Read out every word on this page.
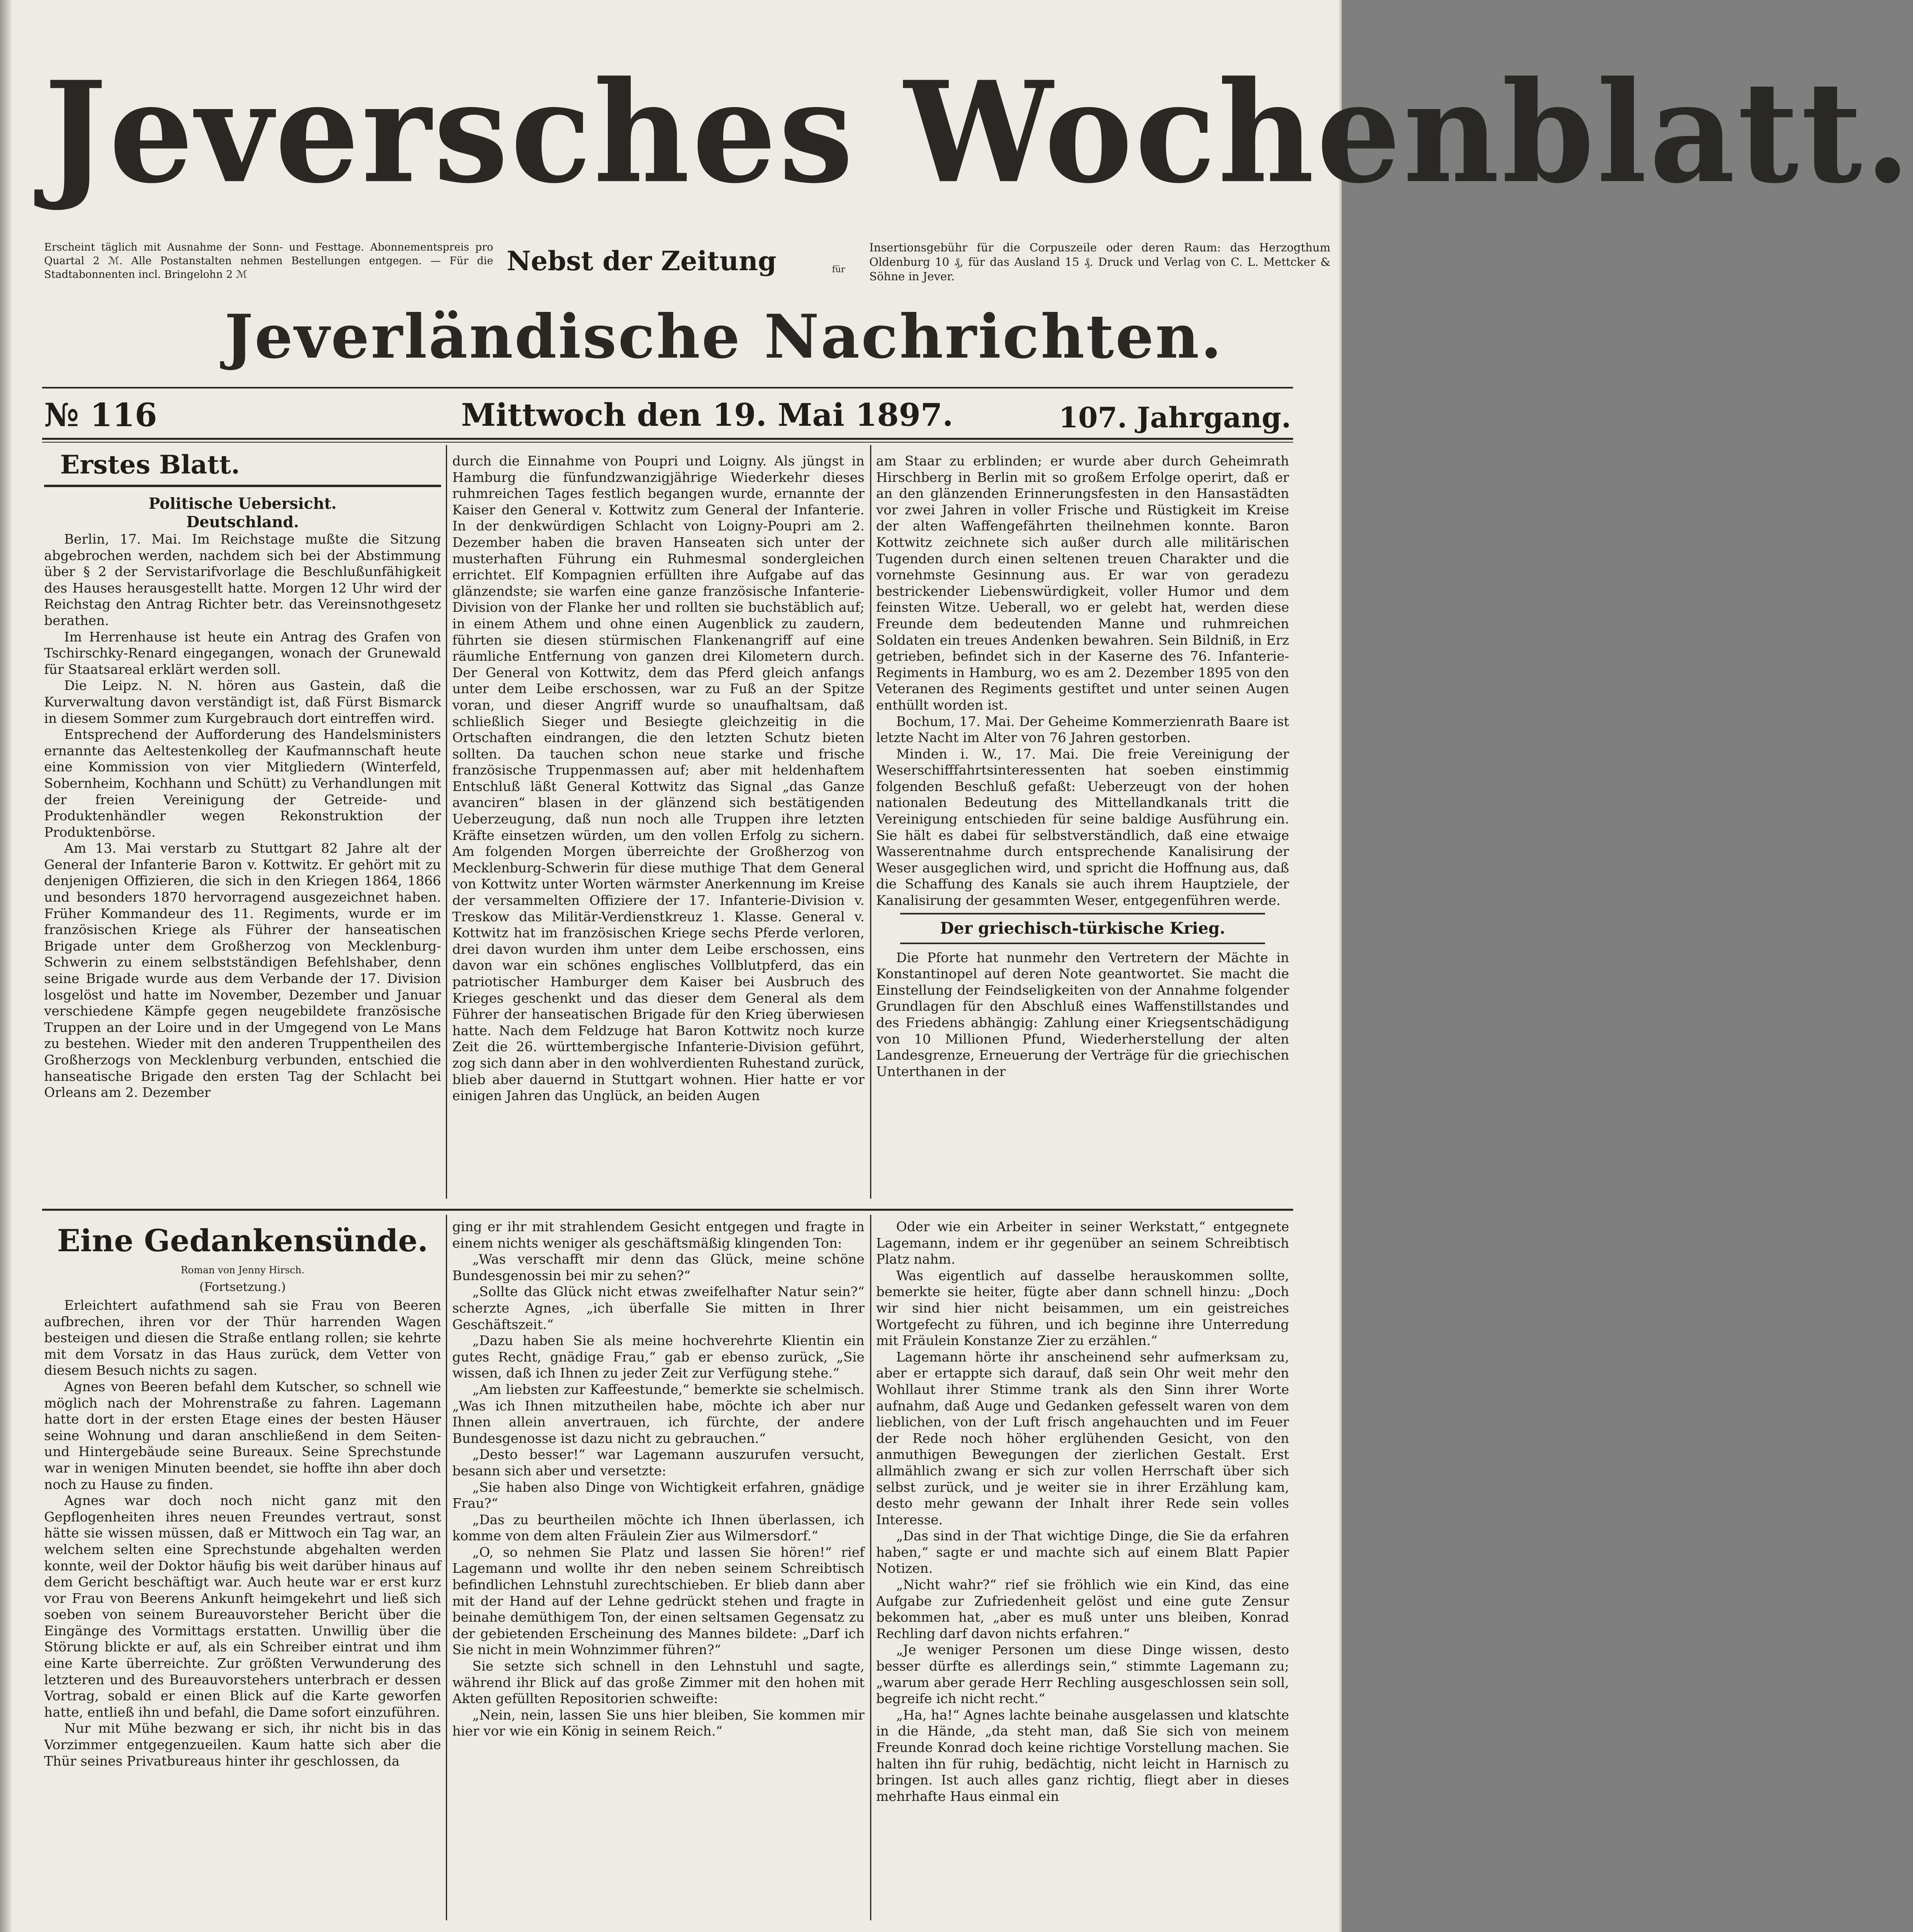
Jeversches Wochenblatt.
Erscheint täglich mit Ausnahme der Sonn- und Festtage. Abonnementspreis pro Quartal 2 ℳ. Alle Postanstalten nehmen Bestellungen entgegen. — Für die Stadtabonnenten incl. Bringelohn 2 ℳ	Nebst der Zeitung	für
Insertionsgebühr für die Corpuszeile oder deren Raum: das Herzogthum Oldenburg 10 ₰, für das Ausland 15 ₰. Druck und Verlag von C. L. Mettcker & Söhne in Jever.
Jeverländische Nachrichten.
№ 116	Mittwoch den 19. Mai 1897.	107. Jahrgang.
Erstes Blatt.

Politische Uebersicht.

Deutschland.

Berlin, 17. Mai. Im Reichstage mußte die Sitzung abgebrochen werden, nachdem sich bei der Abstimmung über § 2 der Servistarifvorlage die Beschlußunfähigkeit des Hauses herausgestellt hatte. Morgen 12 Uhr wird der Reichstag den Antrag Richter betr. das Vereinsnothgesetz berathen.

Im Herrenhause ist heute ein Antrag des Grafen von Tschirschky-Renard eingegangen, wonach der Grunewald für Staatsareal erklärt werden soll.

Die Leipz. N. N. hören aus Gastein, daß die Kurverwaltung davon verständigt ist, daß Fürst Bismarck in diesem Sommer zum Kurgebrauch dort eintreffen wird.

Entsprechend der Aufforderung des Handelsministers ernannte das Aeltestenkolleg der Kaufmannschaft heute eine Kommission von vier Mitgliedern (Winterfeld, Sobernheim, Kochhann und Schütt) zu Verhandlungen mit der freien Vereinigung der Getreide- und Produktenhändler wegen Rekonstruktion der Produktenbörse.

Am 13. Mai verstarb zu Stuttgart 82 Jahre alt der General der Infanterie Baron v. Kottwitz. Er gehört mit zu denjenigen Offizieren, die sich in den Kriegen 1864, 1866 und besonders 1870 hervorragend ausgezeichnet haben. Früher Kommandeur des 11. Regiments, wurde er im französischen Kriege als Führer der hanseatischen Brigade unter dem Großherzog von Mecklenburg-Schwerin zu einem selbstständigen Befehlshaber, denn seine Brigade wurde aus dem Verbande der 17. Division losgelöst und hatte im November, Dezember und Januar verschiedene Kämpfe gegen neugebildete französische Truppen an der Loire und in der Umgegend von Le Mans zu bestehen. Wieder mit den anderen Truppentheilen des Großherzogs von Mecklenburg verbunden, entschied die hanseatische Brigade den ersten Tag der Schlacht bei Orleans am 2. Dezember

durch die Einnahme von Poupri und Loigny. Als jüngst in Hamburg die fünfundzwanzigjährige Wiederkehr dieses ruhmreichen Tages festlich begangen wurde, ernannte der Kaiser den General v. Kottwitz zum General der Infanterie. In der denkwürdigen Schlacht von Loigny-Poupri am 2. Dezember haben die braven Hanseaten sich unter der musterhaften Führung ein Ruhmesmal sondergleichen errichtet. Elf Kompagnien erfüllten ihre Aufgabe auf das glänzendste; sie warfen eine ganze französische Infanterie-Division von der Flanke her und rollten sie buchstäblich auf; in einem Athem und ohne einen Augenblick zu zaudern, führten sie diesen stürmischen Flankenangriff auf eine räumliche Entfernung von ganzen drei Kilometern durch. Der General von Kottwitz, dem das Pferd gleich anfangs unter dem Leibe erschossen, war zu Fuß an der Spitze voran, und dieser Angriff wurde so unaufhaltsam, daß schließlich Sieger und Besiegte gleichzeitig in die Ortschaften eindrangen, die den letzten Schutz bieten sollten. Da tauchen schon neue starke und frische französische Truppenmassen auf; aber mit heldenhaftem Entschluß läßt General Kottwitz das Signal „das Ganze avanciren“ blasen in der glänzend sich bestätigenden Ueberzeugung, daß nun noch alle Truppen ihre letzten Kräfte einsetzen würden, um den vollen Erfolg zu sichern. Am folgenden Morgen überreichte der Großherzog von Mecklenburg-Schwerin für diese muthige That dem General von Kottwitz unter Worten wärmster Anerkennung im Kreise der versammelten Offiziere der 17. Infanterie-Division v. Treskow das Militär-Verdienstkreuz 1. Klasse. General v. Kottwitz hat im französischen Kriege sechs Pferde verloren, drei davon wurden ihm unter dem Leibe erschossen, eins davon war ein schönes englisches Vollblutpferd, das ein patriotischer Hamburger dem Kaiser bei Ausbruch des Krieges geschenkt und das dieser dem General als dem Führer der hanseatischen Brigade für den Krieg überwiesen hatte. Nach dem Feldzuge hat Baron Kottwitz noch kurze Zeit die 26. württembergische Infanterie-Division geführt, zog sich dann aber in den wohlverdienten Ruhestand zurück, blieb aber dauernd in Stuttgart wohnen. Hier hatte er vor einigen Jahren das Unglück, an beiden Augen

am Staar zu erblinden; er wurde aber durch Geheimrath Hirschberg in Berlin mit so großem Erfolge operirt, daß er an den glänzenden Erinnerungsfesten in den Hansastädten vor zwei Jahren in voller Frische und Rüstigkeit im Kreise der alten Waffengefährten theilnehmen konnte. Baron Kottwitz zeichnete sich außer durch alle militärischen Tugenden durch einen seltenen treuen Charakter und die vornehmste Gesinnung aus. Er war von geradezu bestrickender Liebenswürdigkeit, voller Humor und dem feinsten Witze. Ueberall, wo er gelebt hat, werden diese Freunde dem bedeutenden Manne und ruhmreichen Soldaten ein treues Andenken bewahren. Sein Bildniß, in Erz getrieben, befindet sich in der Kaserne des 76. Infanterie-Regiments in Hamburg, wo es am 2. Dezember 1895 von den Veteranen des Regiments gestiftet und unter seinen Augen enthüllt worden ist.

Bochum, 17. Mai. Der Geheime Kommerzienrath Baare ist letzte Nacht im Alter von 76 Jahren gestorben.

Minden i. W., 17. Mai. Die freie Vereinigung der Weserschifffahrtsinteressenten hat soeben einstimmig folgenden Beschluß gefaßt: Ueberzeugt von der hohen nationalen Bedeutung des Mittellandkanals tritt die Vereinigung entschieden für seine baldige Ausführung ein. Sie hält es dabei für selbstverständlich, daß eine etwaige Wasserentnahme durch entsprechende Kanalisirung der Weser ausgeglichen wird, und spricht die Hoffnung aus, daß die Schaffung des Kanals sie auch ihrem Hauptziele, der Kanalisirung der gesammten Weser, entgegenführen werde.

Der griechisch-türkische Krieg.

Die Pforte hat nunmehr den Vertretern der Mächte in Konstantinopel auf deren Note geantwortet. Sie macht die Einstellung der Feindseligkeiten von der Annahme folgender Grundlagen für den Abschluß eines Waffenstillstandes und des Friedens abhängig: Zahlung einer Kriegsentschädigung von 10 Millionen Pfund, Wiederherstellung der alten Landesgrenze, Erneuerung der Verträge für die griechischen Unterthanen in der

Eine Gedankensünde.

Roman von Jenny Hirsch.

(Fortsetzung.)

Erleichtert aufathmend sah sie Frau von Beeren aufbrechen, ihren vor der Thür harrenden Wagen besteigen und diesen die Straße entlang rollen; sie kehrte mit dem Vorsatz in das Haus zurück, dem Vetter von diesem Besuch nichts zu sagen.

Agnes von Beeren befahl dem Kutscher, so schnell wie möglich nach der Mohrenstraße zu fahren. Lagemann hatte dort in der ersten Etage eines der besten Häuser seine Wohnung und daran anschließend in dem Seiten- und Hintergebäude seine Bureaux. Seine Sprechstunde war in wenigen Minuten beendet, sie hoffte ihn aber doch noch zu Hause zu finden.

Agnes war doch noch nicht ganz mit den Gepflogenheiten ihres neuen Freundes vertraut, sonst hätte sie wissen müssen, daß er Mittwoch ein Tag war, an welchem selten eine Sprechstunde abgehalten werden konnte, weil der Doktor häufig bis weit darüber hinaus auf dem Gericht beschäftigt war. Auch heute war er erst kurz vor Frau von Beerens Ankunft heimgekehrt und ließ sich soeben von seinem Bureauvorsteher Bericht über die Eingänge des Vormittags erstatten. Unwillig über die Störung blickte er auf, als ein Schreiber eintrat und ihm eine Karte überreichte. Zur größten Verwunderung des letzteren und des Bureauvorstehers unterbrach er dessen Vortrag, sobald er einen Blick auf die Karte geworfen hatte, entließ ihn und befahl, die Dame sofort einzuführen.

Nur mit Mühe bezwang er sich, ihr nicht bis in das Vorzimmer entgegenzueilen. Kaum hatte sich aber die Thür seines Privatbureaus hinter ihr geschlossen, da

ging er ihr mit strahlendem Gesicht entgegen und fragte in einem nichts weniger als geschäftsmäßig klingenden Ton:

„Was verschafft mir denn das Glück, meine schöne Bundesgenossin bei mir zu sehen?“

„Sollte das Glück nicht etwas zweifelhafter Natur sein?“ scherzte Agnes, „ich überfalle Sie mitten in Ihrer Geschäftszeit.“

„Dazu haben Sie als meine hochverehrte Klientin ein gutes Recht, gnädige Frau,“ gab er ebenso zurück, „Sie wissen, daß ich Ihnen zu jeder Zeit zur Verfügung stehe.“

„Am liebsten zur Kaffeestunde,“ bemerkte sie schelmisch. „Was ich Ihnen mitzutheilen habe, möchte ich aber nur Ihnen allein anvertrauen, ich fürchte, der andere Bundesgenosse ist dazu nicht zu gebrauchen.“

„Desto besser!“ war Lagemann auszurufen versucht, besann sich aber und versetzte:

„Sie haben also Dinge von Wichtigkeit erfahren, gnädige Frau?“

„Das zu beurtheilen möchte ich Ihnen überlassen, ich komme von dem alten Fräulein Zier aus Wilmersdorf.“

„O, so nehmen Sie Platz und lassen Sie hören!“ rief Lagemann und wollte ihr den neben seinem Schreibtisch befindlichen Lehnstuhl zurechtschieben. Er blieb dann aber mit der Hand auf der Lehne gedrückt stehen und fragte in beinahe demüthigem Ton, der einen seltsamen Gegensatz zu der gebietenden Erscheinung des Mannes bildete: „Darf ich Sie nicht in mein Wohnzimmer führen?“

Sie setzte sich schnell in den Lehnstuhl und sagte, während ihr Blick auf das große Zimmer mit den hohen mit Akten gefüllten Repositorien schweifte:

„Nein, nein, lassen Sie uns hier bleiben, Sie kommen mir hier vor wie ein König in seinem Reich.“

Oder wie ein Arbeiter in seiner Werkstatt,“ entgegnete Lagemann, indem er ihr gegenüber an seinem Schreibtisch Platz nahm.

Was eigentlich auf dasselbe herauskommen sollte, bemerkte sie heiter, fügte aber dann schnell hinzu: „Doch wir sind hier nicht beisammen, um ein geistreiches Wortgefecht zu führen, und ich beginne ihre Unterredung mit Fräulein Konstanze Zier zu erzählen.“

Lagemann hörte ihr anscheinend sehr aufmerksam zu, aber er ertappte sich darauf, daß sein Ohr weit mehr den Wohllaut ihrer Stimme trank als den Sinn ihrer Worte aufnahm, daß Auge und Gedanken gefesselt waren von dem lieblichen, von der Luft frisch angehauchten und im Feuer der Rede noch höher erglühenden Gesicht, von den anmuthigen Bewegungen der zierlichen Gestalt. Erst allmählich zwang er sich zur vollen Herrschaft über sich selbst zurück, und je weiter sie in ihrer Erzählung kam, desto mehr gewann der Inhalt ihrer Rede sein volles Interesse.

„Das sind in der That wichtige Dinge, die Sie da erfahren haben,“ sagte er und machte sich auf einem Blatt Papier Notizen.

„Nicht wahr?“ rief sie fröhlich wie ein Kind, das eine Aufgabe zur Zufriedenheit gelöst und eine gute Zensur bekommen hat, „aber es muß unter uns bleiben, Konrad Rechling darf davon nichts erfahren.“

„Je weniger Personen um diese Dinge wissen, desto besser dürfte es allerdings sein,“ stimmte Lagemann zu; „warum aber gerade Herr Rechling ausgeschlossen sein soll, begreife ich nicht recht.“

„Ha, ha!“ Agnes lachte beinahe ausgelassen und klatschte in die Hände, „da steht man, daß Sie sich von meinem Freunde Konrad doch keine richtige Vorstellung machen. Sie halten ihn für ruhig, bedächtig, nicht leicht in Harnisch zu bringen. Ist auch alles ganz richtig, fliegt aber in dieses mehrhafte Haus einmal ein
